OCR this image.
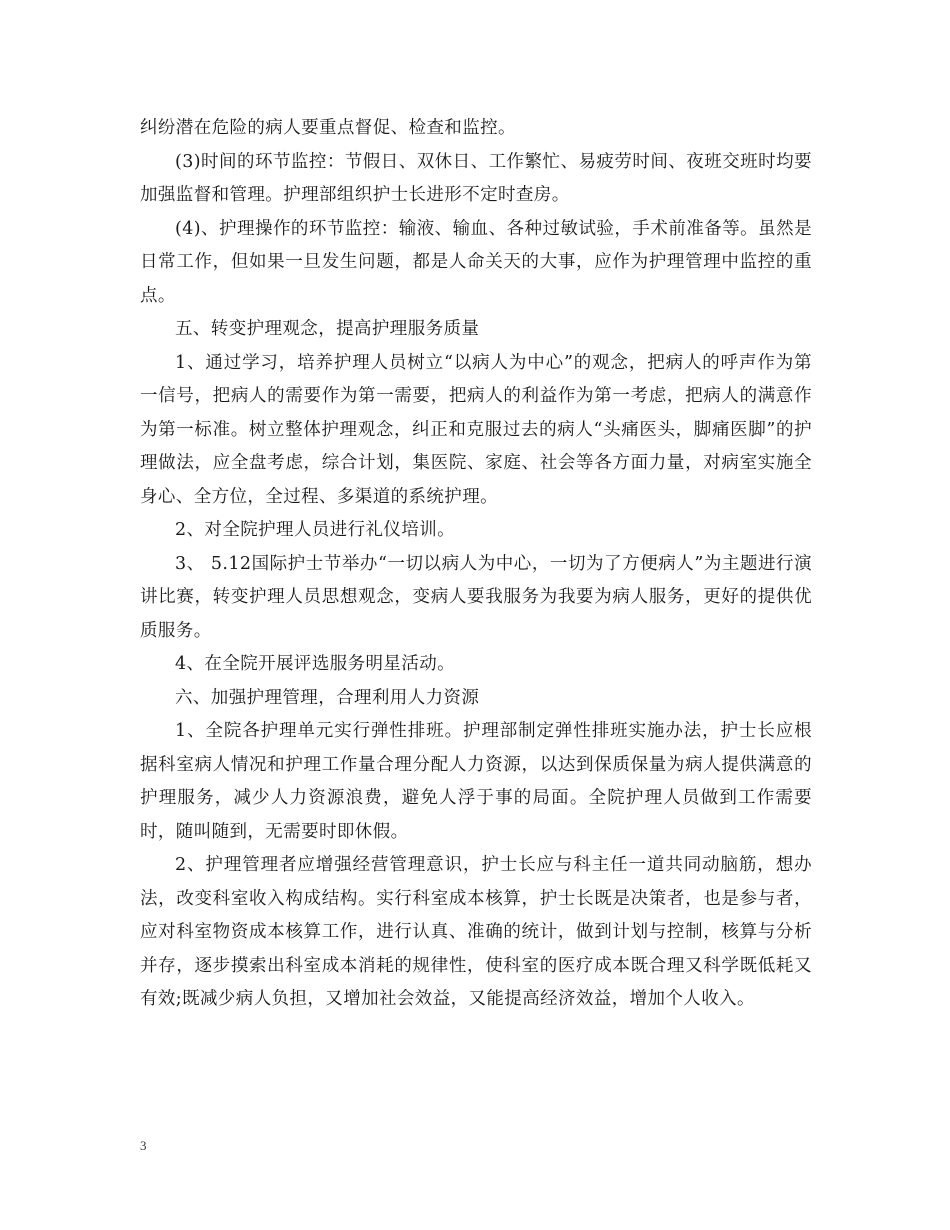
纠纷潜在危险的病人要重点督促、检查和监控。

(3)时间的环节监控：节假日、双休日、工作繁忙、易疲劳时间、夜班交班时均要加强监督和管理。护理部组织护士长进形不定时查房。

(4)、护理操作的环节监控：输液、输血、各种过敏试验，手术前准备等。虽然是日常工作，但如果一旦发生问题，都是人命关天的大事，应作为护理管理中监控的重点。

五、转变护理观念，提高护理服务质量

1、通过学习，培养护理人员树立“以病人为中心”的观念，把病人的呼声作为第一信号，把病人的需要作为第一需要，把病人的利益作为第一考虑，把病人的满意作为第一标准。树立整体护理观念，纠正和克服过去的病人“头痛医头，脚痛医脚”的护理做法，应全盘考虑，综合计划，集医院、家庭、社会等各方面力量，对病室实施全身心、全方位，全过程、多渠道的系统护理。

2、对全院护理人员进行礼仪培训。

3、 5.12国际护士节举办“一切以病人为中心，一切为了方便病人”为主题进行演讲比赛，转变护理人员思想观念，变病人要我服务为我要为病人服务，更好的提供优质服务。

4、在全院开展评选服务明星活动。

六、加强护理管理，合理利用人力资源

1、全院各护理单元实行弹性排班。护理部制定弹性排班实施办法，护士长应根据科室病人情况和护理工作量合理分配人力资源，以达到保质保量为病人提供满意的护理服务，减少人力资源浪费，避免人浮于事的局面。全院护理人员做到工作需要时，随叫随到，无需要时即休假。

2、护理管理者应增强经营管理意识，护士长应与科主任一道共同动脑筋，想办法，改变科室收入构成结构。实行科室成本核算，护士长既是决策者，也是参与者，应对科室物资成本核算工作，进行认真、准确的统计，做到计划与控制，核算与分析并存，逐步摸索出科室成本消耗的规律性，使科室的医疗成本既合理又科学既低耗又有效;既减少病人负担，又增加社会效益，又能提高经济效益，增加个人收入。

3
